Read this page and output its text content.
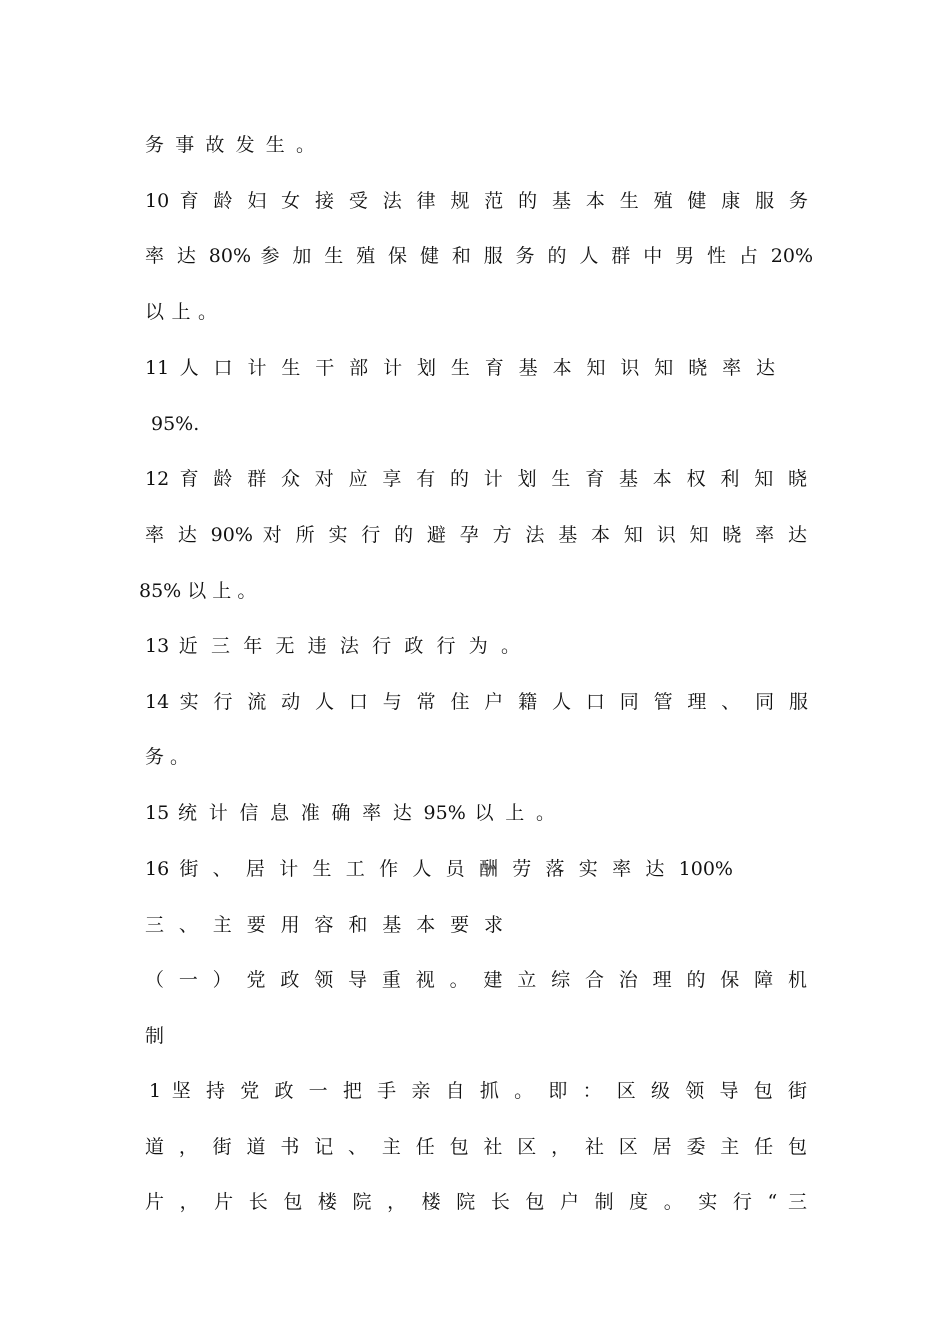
务 事 故 发 生 。
10 育 龄 妇 女 接 受 法 律 规 范 的 基 本 生 殖 健 康 服 务
率 达 80% 参 加 生 殖 保 健 和 服 务 的 人 群 中 男 性 占 20%
以 上 。
11 人 口 计 生 干 部 计 划 生 育 基 本 知 识 知 晓 率 达
95%.
12 育 龄 群 众 对 应 享 有 的 计 划 生 育 基 本 权 利 知 晓
率 达 90% 对 所 实 行 的 避 孕 方 法 基 本 知 识 知 晓 率 达
85% 以 上 。
13 近 三 年 无 违 法 行 政 行 为 。
14 实 行 流 动 人 口 与 常 住 户 籍 人 口 同 管 理 、 同 服
务 。
15 统 计 信 息 准 确 率 达 95% 以 上 。
16 街 、 居 计 生 工 作 人 员 酬 劳 落 实 率 达 100%
三 、 主 要 用 容 和 基 本 要 求
（ 一 ） 党 政 领 导 重 视 。 建 立 综 合 治 理 的 保 障 机
制
1 坚 持 党 政 一 把 手 亲 自 抓 。 即 ： 区 级 领 导 包 街
道 ， 街 道 书 记 、 主 任 包 社 区 ， 社 区 居 委 主 任 包
片 ， 片 长 包 楼 院 ， 楼 院 长 包 户 制 度 。 实 行 “ 三
